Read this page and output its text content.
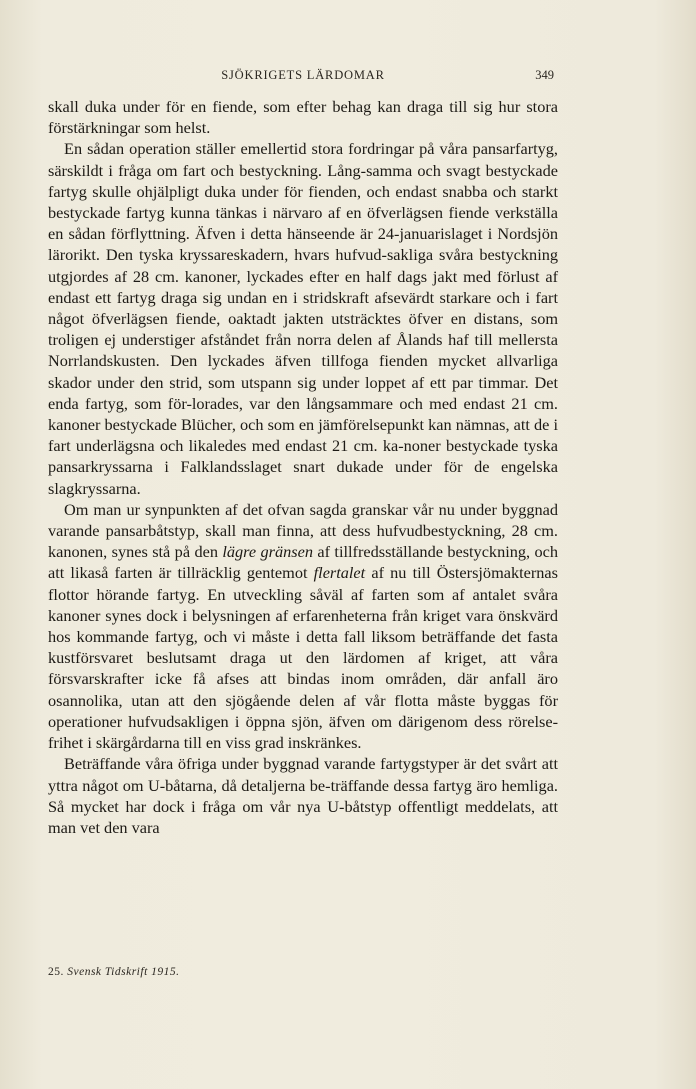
SJÖKRIGETS LÄRDOMAR	349

skall duka under för en fiende, som efter behag kan draga till sig hur stora förstärkningar som helst.

En sådan operation ställer emellertid stora fordringar på våra pansarfartyg, särskildt i fråga om fart och bestyckning. Lång-samma och svagt bestyckade fartyg skulle ohjälpligt duka under för fienden, och endast snabba och starkt bestyckade fartyg kunna tänkas i närvaro af en öfverlägsen fiende verkställa en sådan förflyttning. Äfven i detta hänseende är 24-januarislaget i Nordsjön lärorikt. Den tyska kryssareskadern, hvars hufvud-sakliga svåra bestyckning utgjordes af 28 cm. kanoner, lyckades efter en half dags jakt med förlust af endast ett fartyg draga sig undan en i stridskraft afsevärdt starkare och i fart något öfverlägsen fiende, oaktadt jakten utsträcktes öfver en distans, som troligen ej understiger afståndet från norra delen af Ålands haf till mellersta Norrlandskusten. Den lyckades äfven tillfoga fienden mycket allvarliga skador under den strid, som utspann sig under loppet af ett par timmar. Det enda fartyg, som för-lorades, var den långsammare och med endast 21 cm. kanoner bestyckade Blücher, och som en jämförelsepunkt kan nämnas, att de i fart underlägsna och likaledes med endast 21 cm. ka-noner bestyckade tyska pansarkryssarna i Falklandsslaget snart dukade under för de engelska slagkryssarna.

Om man ur synpunkten af det ofvan sagda granskar vår nu under byggnad varande pansarbåtstyp, skall man finna, att dess hufvudbestyckning, 28 cm. kanonen, synes stå på den lägre gränsen af tillfredsställande bestyckning, och att likaså farten är tillräcklig gentemot flertalet af nu till Östersjömakternas flottor hörande fartyg. En utveckling såväl af farten som af antalet svåra kanoner synes dock i belysningen af erfarenheterna från kriget vara önskvärd hos kommande fartyg, och vi måste i detta fall liksom beträffande det fasta kustförsvaret beslutsamt draga ut den lärdomen af kriget, att våra försvarskrafter icke få afses att bindas inom områden, där anfall äro osannolika, utan att den sjögående delen af vår flotta måste byggas för operationer hufvudsakligen i öppna sjön, äfven om därigenom dess rörelse-frihet i skärgårdarna till en viss grad inskränkes.

Beträffande våra öfriga under byggnad varande fartygstyper är det svårt att yttra något om U-båtarna, då detaljerna be-träffande dessa fartyg äro hemliga. Så mycket har dock i fråga om vår nya U-båtstyp offentligt meddelats, att man vet den vara

25. Svensk Tidskrift 1915.
